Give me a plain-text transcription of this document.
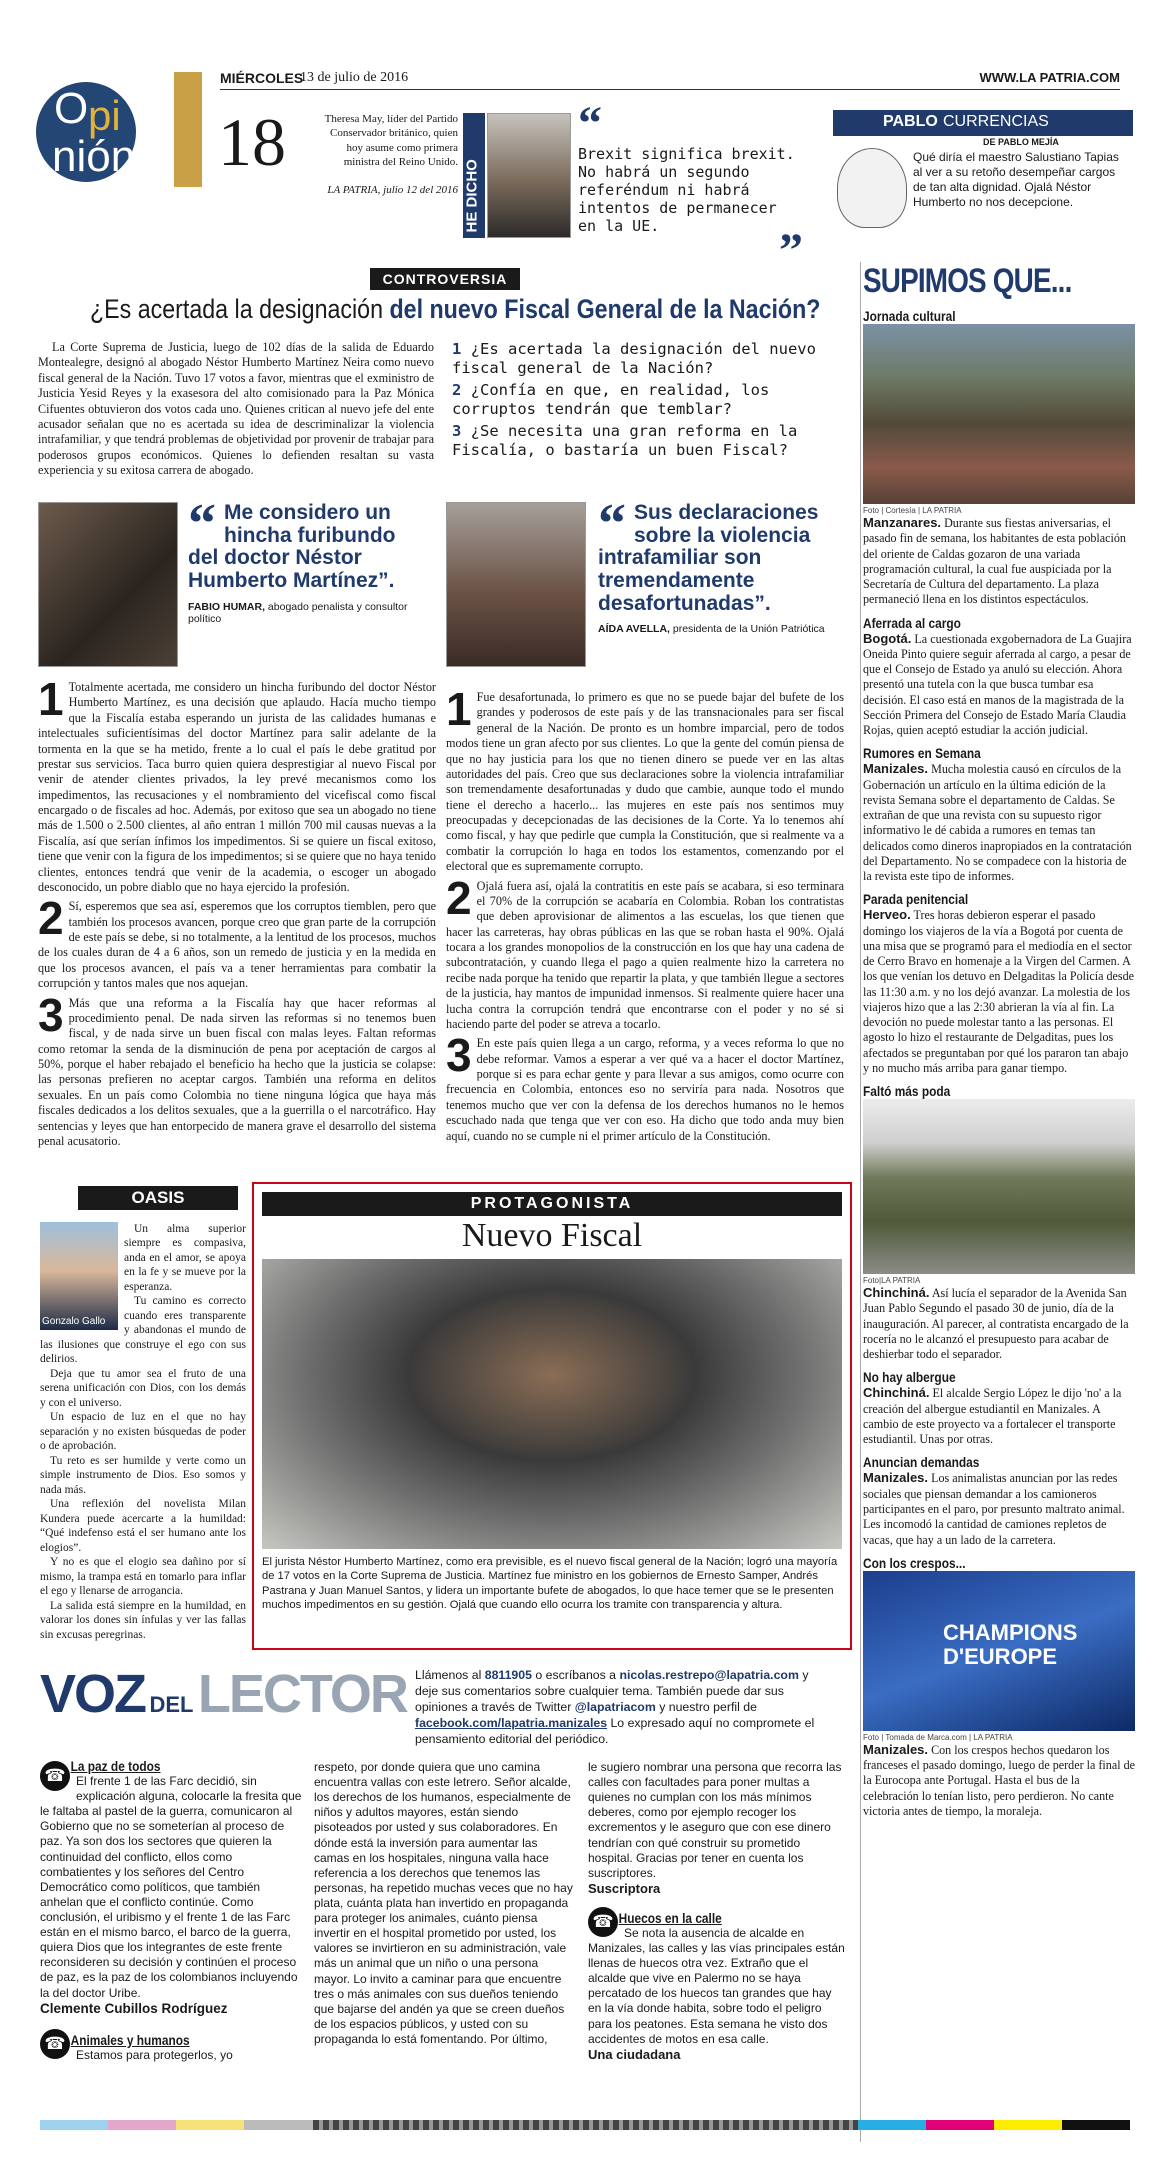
MIÉRCOLES
13 de julio de 2016	WWW.LA PATRIA.COM
O pi
nión 18	Theresa May, líder del Partido Conservador británico, quien hoy asume como primera ministra del Reino Unido.
LA PATRIA, julio 12 del 2016 HE DICHO
“

Brexit significa brexit. No habrá un segundo referéndum ni habrá intentos de permanecer en la UE.	”
PABLO CURRENCIAS
DE PABLO MEJÍA

Qué diría el maestro Salustiano Tapias al ver a su retoño desempeñar cargos de tan alta dignidad. Ojalá Néstor Humberto no nos decepcione.

CONTROVERSIA
¿Es acertada la designación del nuevo Fiscal General de la Nación?

La Corte Suprema de Justicia, luego de 102 días de la salida de Eduardo Montealegre, designó al abogado Néstor Humberto Martínez Neira como nuevo fiscal general de la Nación. Tuvo 17 votos a favor, mientras que el exministro de Justicia Yesid Reyes y la exasesora del alto comisionado para la Paz Mónica Cifuentes obtuvieron dos votos cada uno. Quienes critican al nuevo jefe del ente acusador señalan que no es acertada su idea de descriminalizar la violencia intrafamiliar, y que tendrá problemas de objetividad por provenir de trabajar para poderosos grupos económicos. Quienes lo defienden resaltan su vasta experiencia y su exitosa carrera de abogado.

1 ¿Es acertada la designación del nuevo fiscal general de la Nación?
2 ¿Confía en que, en realidad, los corruptos tendrán que temblar?
3 ¿Se necesita una gran reforma en la Fiscalía, o bastaría un buen Fiscal?
“ Me considero un hincha furibundo del doctor Néstor Humberto Martínez”.
FABIO HUMAR, abogado penalista y consultor político

1 Totalmente acertada, me considero un hincha furibundo del doctor Néstor Humberto Martínez, es una decisión que aplaudo. Hacía mucho tiempo que la Fiscalía estaba esperando un jurista de las calidades humanas e intelectuales suficientísimas del doctor Martínez para salir adelante de la tormenta en la que se ha metido, frente a lo cual el país le debe gratitud por prestar sus servicios. Taca burro quien quiera desprestigiar al nuevo Fiscal por venir de atender clientes privados, la ley prevé mecanismos como los impedimentos, las recusaciones y el nombramiento del vicefiscal como fiscal encargado o de fiscales ad hoc. Además, por exitoso que sea un abogado no tiene más de 1.500 o 2.500 clientes, al año entran 1 millón 700 mil causas nuevas a la Fiscalía, así que serían ínfimos los impedimentos. Si se quiere un fiscal exitoso, tiene que venir con la figura de los impedimentos; si se quiere que no haya tenido clientes, entonces tendrá que venir de la academia, o escoger un abogado desconocido, un pobre diablo que no haya ejercido la profesión.

2 Sí, esperemos que sea así, esperemos que los corruptos tiemblen, pero que también los procesos avancen, porque creo que gran parte de la corrupción de este país se debe, si no totalmente, a la lentitud de los procesos, muchos de los cuales duran de 4 a 6 años, son un remedo de justicia y en la medida en que los procesos avancen, el país va a tener herramientas para combatir la corrupción y tantos males que nos aquejan.

3 Más que una reforma a la Fiscalía hay que hacer reformas al procedimiento penal. De nada sirven las reformas si no tenemos buen fiscal, y de nada sirve un buen fiscal con malas leyes. Faltan reformas como retomar la senda de la disminución de pena por aceptación de cargos al 50%, porque el haber rebajado el beneficio ha hecho que la justicia se colapse: las personas prefieren no aceptar cargos. También una reforma en delitos sexuales. En un país como Colombia no tiene ninguna lógica que haya más fiscales dedicados a los delitos sexuales, que a la guerrilla o el narcotráfico. Hay sentencias y leyes que han entorpecido de manera grave el desarrollo del sistema penal acusatorio.

“ Sus declaraciones sobre la violencia intrafamiliar son tremendamente desafortunadas”.
AÍDA AVELLA, presidenta de la Unión Patriótica

1 Fue desafortunada, lo primero es que no se puede bajar del bufete de los grandes y poderosos de este país y de las transnacionales para ser fiscal general de la Nación. De pronto es un hombre imparcial, pero de todos modos tiene un gran afecto por sus clientes. Lo que la gente del común piensa de que no hay justicia para los que no tienen dinero se puede ver en las altas autoridades del país. Creo que sus declaraciones sobre la violencia intrafamiliar son tremendamente desafortunadas y dudo que cambie, aunque todo el mundo tiene el derecho a hacerlo... las mujeres en este país nos sentimos muy preocupadas y decepcionadas de las decisiones de la Corte. Ya lo tenemos ahí como fiscal, y hay que pedirle que cumpla la Constitución, que si realmente va a combatir la corrupción lo haga en todos los estamentos, comenzando por el electoral que es supremamente corrupto.

2 Ojalá fuera así, ojalá la contratitis en este país se acabara, si eso terminara el 70% de la corrupción se acabaría en Colombia. Roban los contratistas que deben aprovisionar de alimentos a las escuelas, los que tienen que hacer las carreteras, hay obras públicas en las que se roban hasta el 90%. Ojalá tocara a los grandes monopolios de la construcción en los que hay una cadena de subcontratación, y cuando llega el pago a quien realmente hizo la carretera no recibe nada porque ha tenido que repartir la plata, y que también llegue a sectores de la justicia, hay mantos de impunidad inmensos. Si realmente quiere hacer una lucha contra la corrupción tendrá que encontrarse con el poder y no sé si haciendo parte del poder se atreva a tocarlo.

3 En este país quien llega a un cargo, reforma, y a veces reforma lo que no debe reformar. Vamos a esperar a ver qué va a hacer el doctor Martínez, porque si es para echar gente y para llevar a sus amigos, como ocurre con frecuencia en Colombia, entonces eso no serviría para nada. Nosotros que tenemos mucho que ver con la defensa de los derechos humanos no le hemos escuchado nada que tenga que ver con eso. Ha dicho que todo anda muy bien aquí, cuando no se cumple ni el primer artículo de la Constitución.

OASIS
Gonzalo Gallo

Un alma superior siempre es compasiva, anda en el amor, se apoya en la fe y se mueve por la esperanza.

Tu camino es correcto cuando eres transparente y abandonas el mundo de las ilusiones que construye el ego con sus delirios.

Deja que tu amor sea el fruto de una serena unificación con Dios, con los demás y con el universo.

Un espacio de luz en el que no hay separación y no existen búsquedas de poder o de aprobación.

Tu reto es ser humilde y verte como un simple instrumento de Dios. Eso somos y nada más.

Una reflexión del novelista Milan Kundera puede acercarte a la humildad: “Qué indefenso está el ser humano ante los elogios”.

Y no es que el elogio sea dañino por sí mismo, la trampa está en tomarlo para inflar el ego y llenarse de arrogancia.

La salida está siempre en la humildad, en valorar los dones sin ínfulas y ver las fallas sin excusas peregrinas.

PROTAGONISTA
Nuevo Fiscal

El jurista Néstor Humberto Martínez, como era previsible, es el nuevo fiscal general de la Nación; logró una mayoría de 17 votos en la Corte Suprema de Justicia. Martínez fue ministro en los gobiernos de Ernesto Samper, Andrés Pastrana y Juan Manuel Santos, y lidera un importante bufete de abogados, lo que hace temer que se le presenten muchos impedimentos en su gestión. Ojalá que cuando ello ocurra los tramite con transparencia y altura.

VOZ DEL LECTOR Llámenos al 8811905 o escríbanos a nicolas.restrepo@lapatria.com y deje sus comentarios sobre cualquier tema. También puede dar sus opiniones a través de Twitter @lapatriacom y nuestro perfil de facebook.com/lapatria.manizales Lo expresado aquí no compromete el pensamiento editorial del periódico.

☎ La paz de todos

El frente 1 de las Farc decidió, sin explicación alguna, colocarle la fresita que le faltaba al pastel de la guerra, comunicaron al Gobierno que no se someterían al proceso de paz. Ya son dos los sectores que quieren la continuidad del conflicto, ellos como combatientes y los señores del Centro Democrático como políticos, que también anhelan que el conflicto continúe. Como conclusión, el uribismo y el frente 1 de las Farc están en el mismo barco, el barco de la guerra, quiera Dios que los integrantes de este frente reconsideren su decisión y continúen el proceso de paz, es la paz de los colombianos incluyendo la del doctor Uribe.

Clemente Cubillos Rodríguez
☎ Animales y humanos

Estamos para protegerlos, yo

respeto, por donde quiera que uno camina encuentra vallas con este letrero. Señor alcalde, los derechos de los humanos, especialmente de niños y adultos mayores, están siendo pisoteados por usted y sus colaboradores. En dónde está la inversión para aumentar las camas en los hospitales, ninguna valla hace referencia a los derechos que tenemos las personas, ha repetido muchas veces que no hay plata, cuánta plata han invertido en propaganda para proteger los animales, cuánto piensa invertir en el hospital prometido por usted, los valores se invirtieron en su administración, vale más un animal que un niño o una persona mayor. Lo invito a caminar para que encuentre tres o más animales con sus dueños teniendo que bajarse del andén ya que se creen dueños de los espacios públicos, y usted con su propaganda lo está fomentando. Por último,

le sugiero nombrar una persona que recorra las calles con facultades para poner multas a quienes no cumplan con los más mínimos deberes, como por ejemplo recoger los excrementos y le aseguro que con ese dinero tendrían con qué construir su prometido hospital. Gracias por tener en cuenta los suscriptores.

Suscriptora
☎ Huecos en la calle

Se nota la ausencia de alcalde en Manizales, las calles y las vías principales están llenas de huecos otra vez. Extraño que el alcalde que vive en Palermo no se haya percatado de los huecos tan grandes que hay en la vía donde habita, sobre todo el peligro para los peatones. Esta semana he visto dos accidentes de motos en esa calle.

Una ciudadana
SUPIMOS QUE...
Jornada cultural
Foto | Cortesía | LA PATRIA

Manzanares. Durante sus fiestas aniversarias, el pasado fin de semana, los habitantes de esta población del oriente de Caldas gozaron de una variada programación cultural, la cual fue auspiciada por la Secretaría de Cultura del departamento. La plaza permaneció llena en los distintos espectáculos.

Aferrada al cargo

Bogotá. La cuestionada exgobernadora de La Guajira Oneida Pinto quiere seguir aferrada al cargo, a pesar de que el Consejo de Estado ya anuló su elección. Ahora presentó una tutela con la que busca tumbar esa decisión. El caso está en manos de la magistrada de la Sección Primera del Consejo de Estado María Claudia Rojas, quien aceptó estudiar la acción judicial.

Rumores en Semana

Manizales. Mucha molestia causó en círculos de la Gobernación un artículo en la última edición de la revista Semana sobre el departamento de Caldas. Se extrañan de que una revista con su supuesto rigor informativo le dé cabida a rumores en temas tan delicados como dineros inapropiados en la contratación del Departamento. No se compadece con la historia de la revista este tipo de informes.

Parada penitencial

Herveo. Tres horas debieron esperar el pasado domingo los viajeros de la vía a Bogotá por cuenta de una misa que se programó para el mediodía en el sector de Cerro Bravo en homenaje a la Virgen del Carmen. A los que venían los detuvo en Delgaditas la Policía desde las 11:30 a.m. y no los dejó avanzar. La molestia de los viajeros hizo que a las 2:30 abrieran la vía al fin. La devoción no puede molestar tanto a las personas. El agosto lo hizo el restaurante de Delgaditas, pues los afectados se preguntaban por qué los pararon tan abajo y no mucho más arriba para ganar tiempo.

Faltó más poda
Foto|LA PATRIA

Chinchiná. Así lucía el separador de la Avenida San Juan Pablo Segundo el pasado 30 de junio, día de la inauguración. Al parecer, al contratista encargado de la rocería no le alcanzó el presupuesto para acabar de deshierbar todo el separador.

No hay albergue

Chinchiná. El alcalde Sergio López le dijo 'no' a la creación del albergue estudiantil en Manizales. A cambio de este proyecto va a fortalecer el transporte estudiantil. Unas por otras.

Anuncian demandas

Manizales. Los animalistas anuncian por las redes sociales que piensan demandar a los camioneros participantes en el paro, por presunto maltrato animal. Les incomodó la cantidad de camiones repletos de vacas, que hay a un lado de la carretera.

Con los crespos...
CHAMPIONS D'EUROPE
Foto | Tomada de Marca.com | LA PATRIA

Manizales. Con los crespos hechos quedaron los franceses el pasado domingo, luego de perder la final de la Eurocopa ante Portugal. Hasta el bus de la celebración lo tenían listo, pero perdieron. No cante victoria antes de tiempo, la moraleja.
